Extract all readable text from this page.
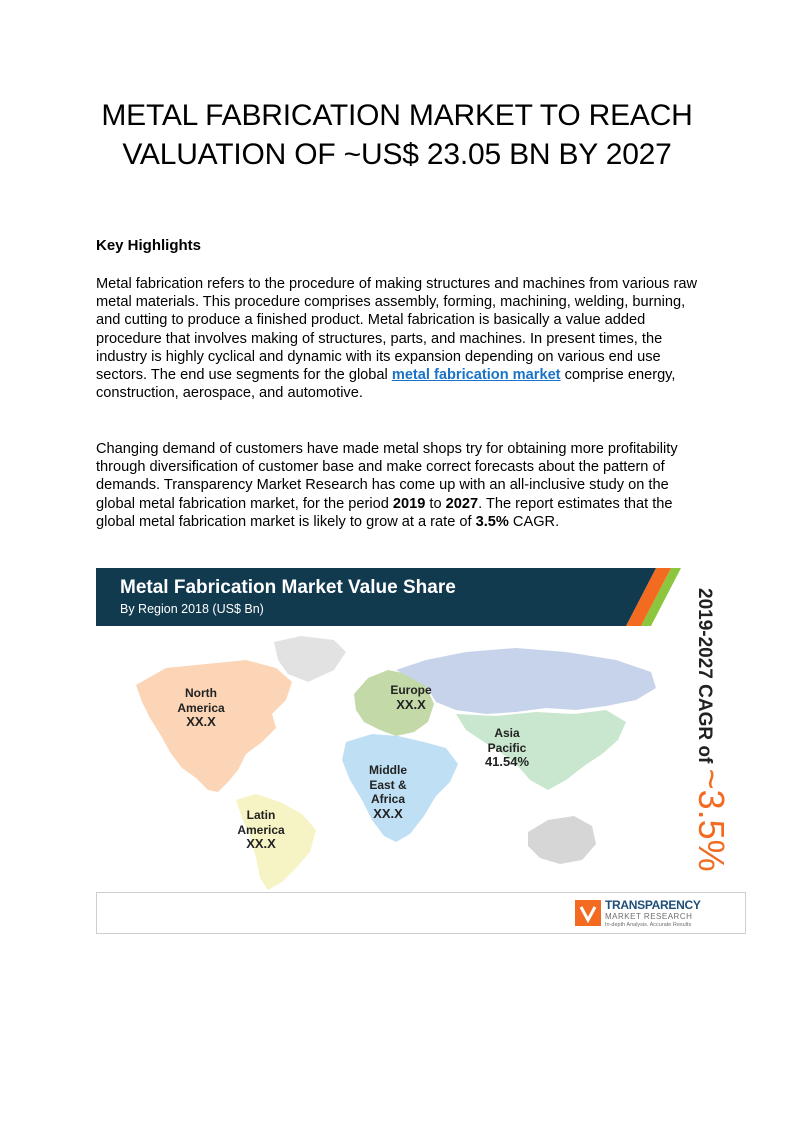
METAL FABRICATION MARKET TO REACH VALUATION OF ~US$ 23.05 BN BY 2027

Key Highlights

Metal fabrication refers to the procedure of making structures and machines from various raw metal materials. This procedure comprises assembly, forming, machining, welding, burning, and cutting to produce a finished product. Metal fabrication is basically a value added procedure that involves making of structures, parts, and machines. In present times, the industry is highly cyclical and dynamic with its expansion depending on various end use sectors. The end use segments for the global metal fabrication market comprise energy, construction, aerospace, and automotive.

Changing demand of customers have made metal shops try for obtaining more profitability through diversification of customer base and make correct forecasts about the pattern of demands. Transparency Market Research has come up with an all-inclusive study on the global metal fabrication market, for the period 2019 to 2027. The report estimates that the global metal fabrication market is likely to grow at a rate of 3.5% CAGR.

Metal Fabrication Market Value Share
By Region 2018 (US$ Bn)
North America
XX.X
Europe
XX.X
Asia Pacific
41.54%
Middle East & Africa
XX.X
Latin America
XX.X
2019-2027 CAGR of ~3.5%
TRANSPARENCY
MARKET RESEARCH
In-depth Analysis. Accurate Results
